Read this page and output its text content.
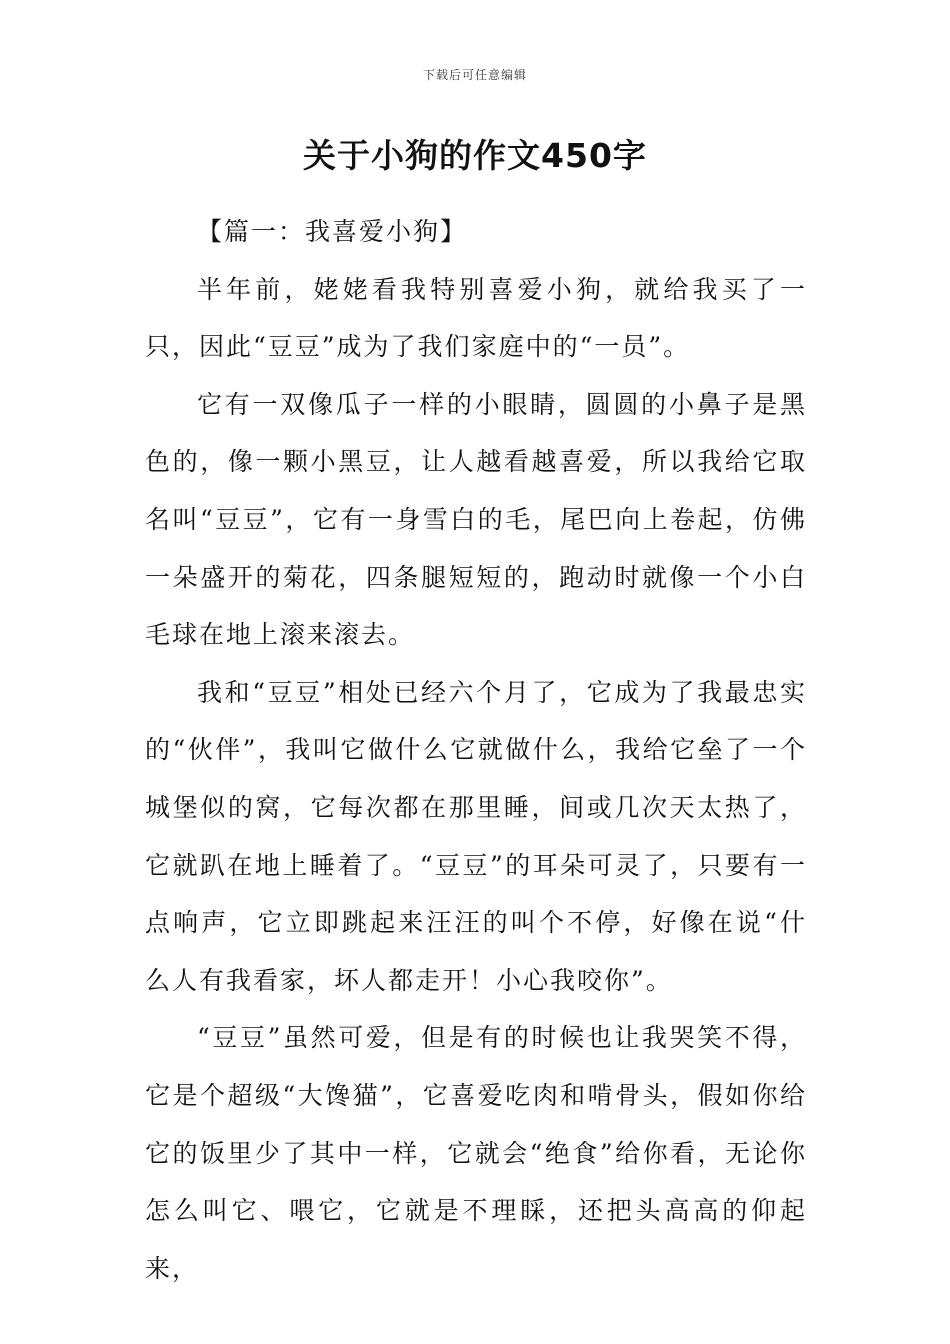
下载后可任意编辑
关于小狗的作文450字

【篇一：我喜爱小狗】

半年前，姥姥看我特别喜爱小狗，就给我买了一只，因此“豆豆”成为了我们家庭中的“一员”。

它有一双像瓜子一样的小眼睛，圆圆的小鼻子是黑色的，像一颗小黑豆，让人越看越喜爱，所以我给它取名叫“豆豆”，它有一身雪白的毛，尾巴向上卷起，仿佛一朵盛开的菊花，四条腿短短的，跑动时就像一个小白毛球在地上滚来滚去。

我和“豆豆”相处已经六个月了，它成为了我最忠实的“伙伴”，我叫它做什么它就做什么，我给它垒了一个城堡似的窝，它每次都在那里睡，间或几次天太热了，它就趴在地上睡着了。“豆豆”的耳朵可灵了，只要有一点响声，它立即跳起来汪汪的叫个不停，好像在说“什么人有我看家，坏人都走开！小心我咬你”。

“豆豆”虽然可爱，但是有的时候也让我哭笑不得，它是个超级“大馋猫”，它喜爱吃肉和啃骨头，假如你给它的饭里少了其中一样，它就会“绝食”给你看，无论你怎么叫它、喂它，它就是不理睬，还把头高高的仰起来，
